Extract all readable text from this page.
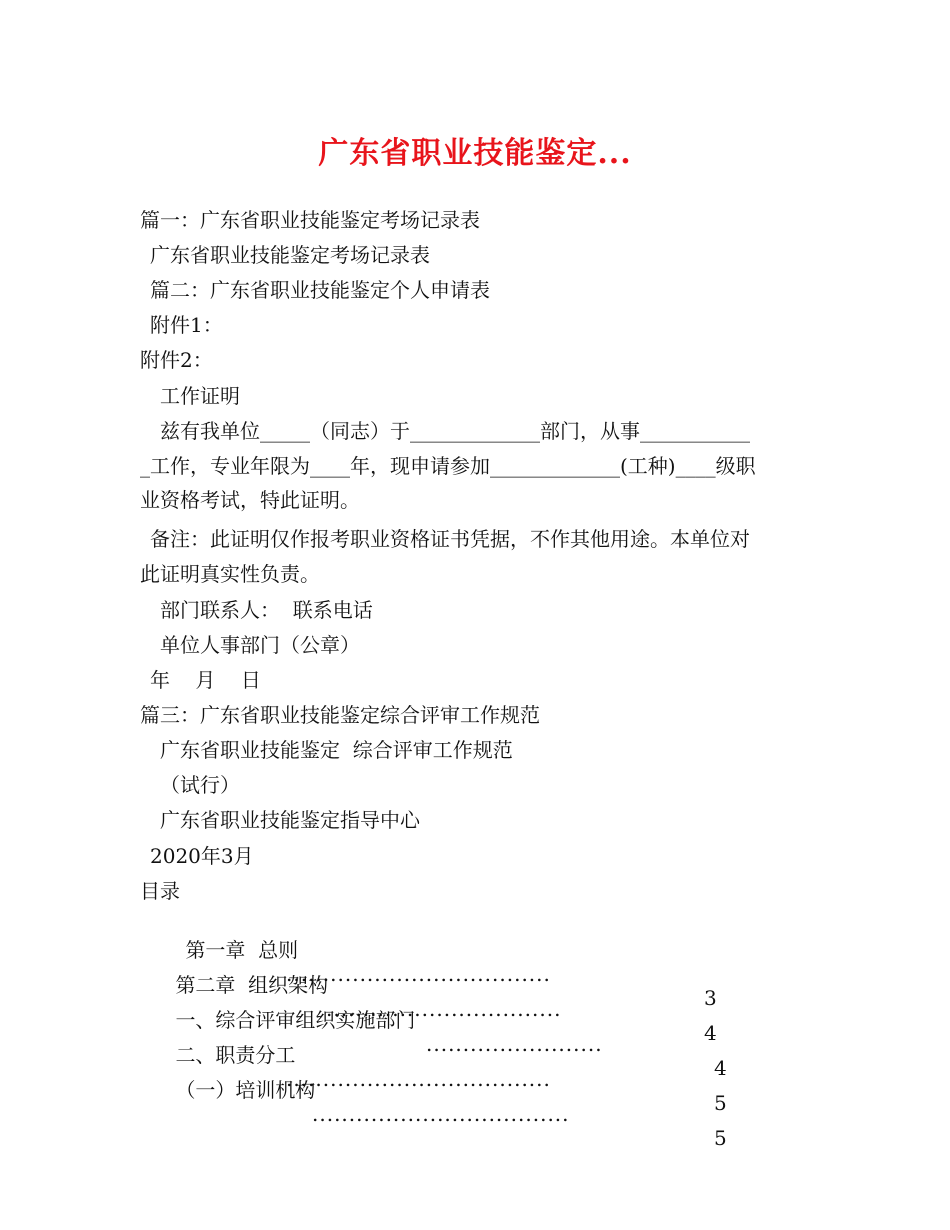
广东省职业技能鉴定...
篇一：广东省职业技能鉴定考场记录表
广东省职业技能鉴定考场记录表
篇二：广东省职业技能鉴定个人申请表
附件1：
附件2：
工作证明
兹有我单位_____（同志）于_____________部门，从事___________
_工作，专业年限为____年，现申请参加_____________(工种)____级职
业资格考试，特此证明。
备注：此证明仅作报考职业资格证书凭据，不作其他用途。本单位对
此证明真实性负责。
部门联系人：  联系电话
单位人事部门（公章）
年    月    日
篇三：广东省职业技能鉴定综合评审工作规范
广东省职业技能鉴定  综合评审工作规范
（试行）
广东省职业技能鉴定指导中心
2020年3月
目录

第一章  总则

....................................

3

第二章  组织架构

................................

4

一、综合评审组织实施部门

........................

4

二、职责分工

....................................

5

（一）培训机构

...................................

5
